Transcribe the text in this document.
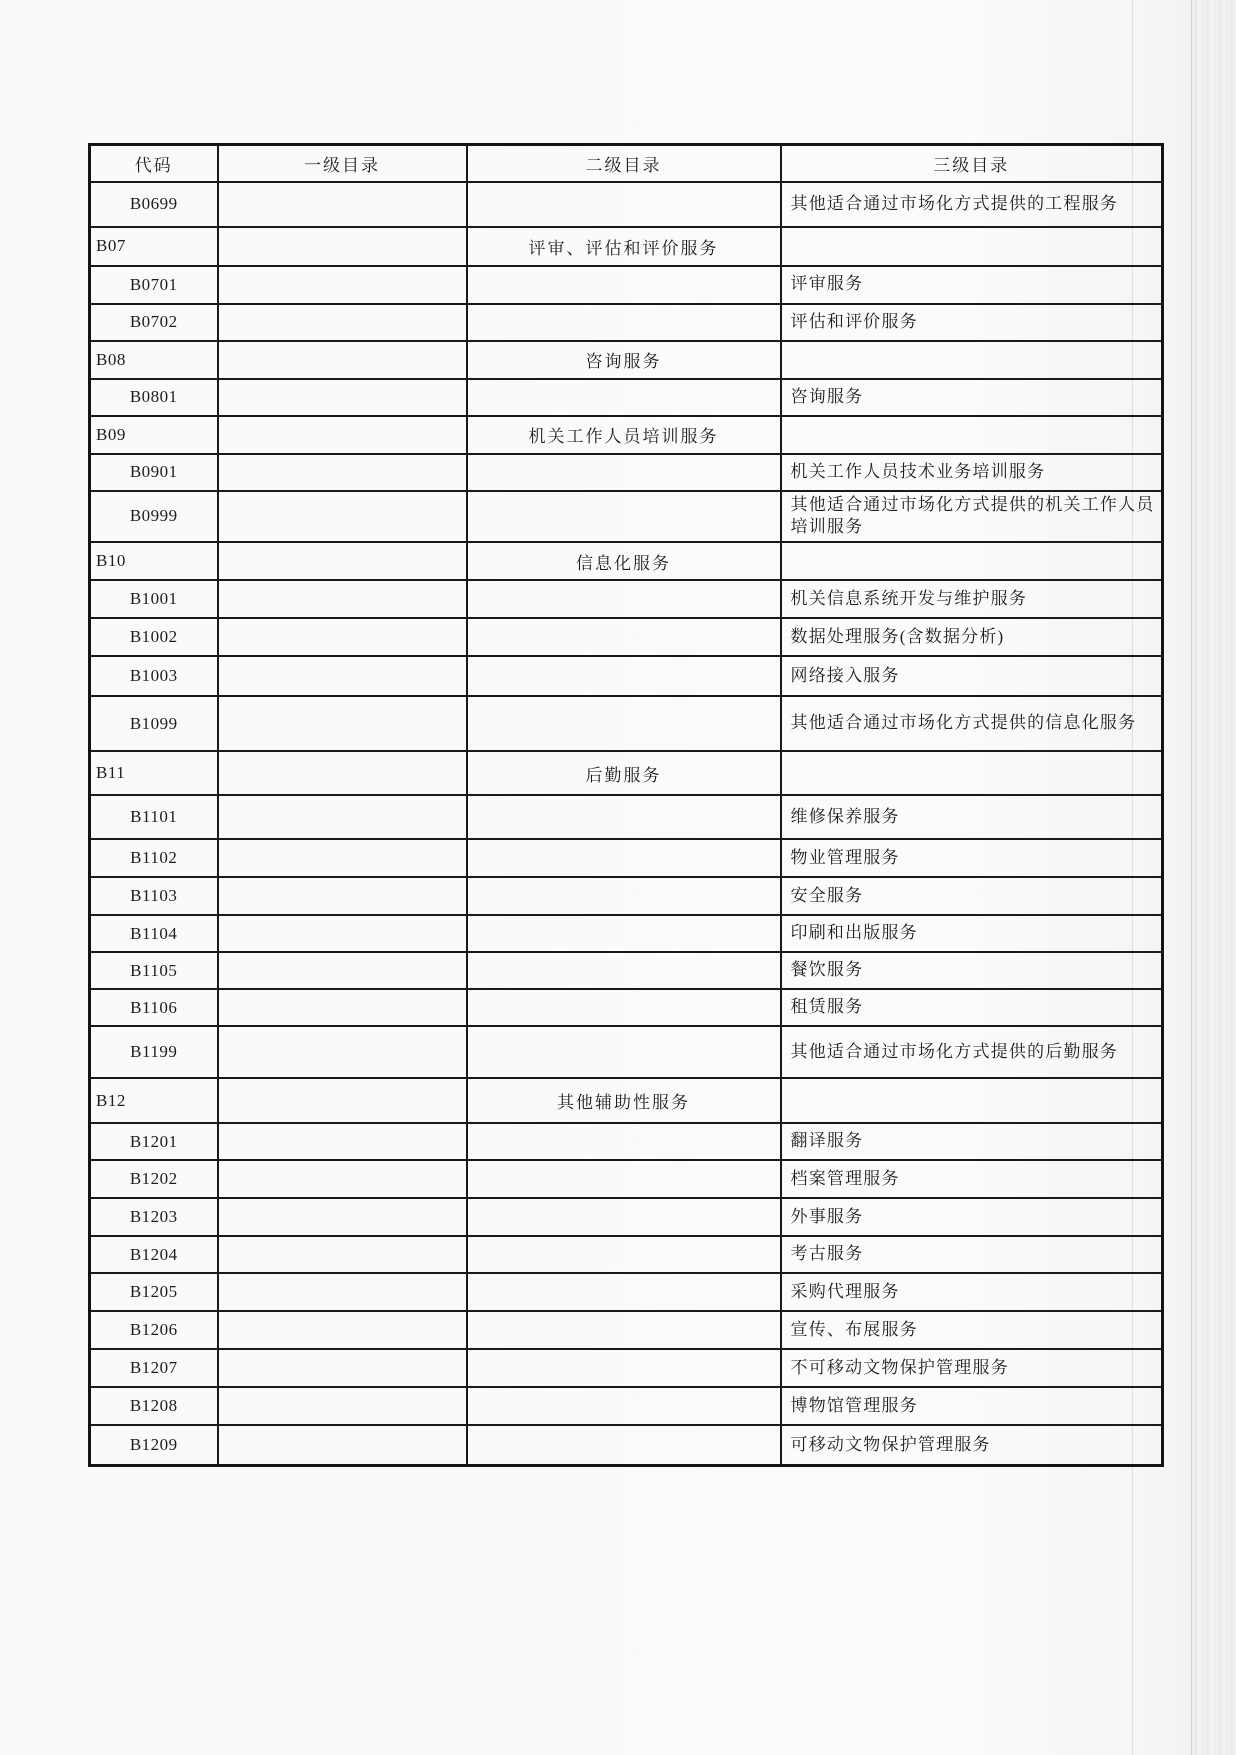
代码	一级目录	二级目录	三级目录
B0699			其他适合通过市场化方式提供的工程服务
B07		评审、评估和评价服务	
B0701			评审服务
B0702			评估和评价服务
B08		咨询服务	
B0801			咨询服务
B09		机关工作人员培训服务	
B0901			机关工作人员技术业务培训服务
B0999			其他适合通过市场化方式提供的机关工作人员培训服务
B10		信息化服务	
B1001			机关信息系统开发与维护服务
B1002			数据处理服务(含数据分析)
B1003			网络接入服务
B1099			其他适合通过市场化方式提供的信息化服务
B11		后勤服务	
B1101			维修保养服务
B1102			物业管理服务
B1103			安全服务
B1104			印刷和出版服务
B1105			餐饮服务
B1106			租赁服务
B1199			其他适合通过市场化方式提供的后勤服务
B12		其他辅助性服务	
B1201			翻译服务
B1202			档案管理服务
B1203			外事服务
B1204			考古服务
B1205			采购代理服务
B1206			宣传、布展服务
B1207			不可移动文物保护管理服务
B1208			博物馆管理服务
B1209			可移动文物保护管理服务
